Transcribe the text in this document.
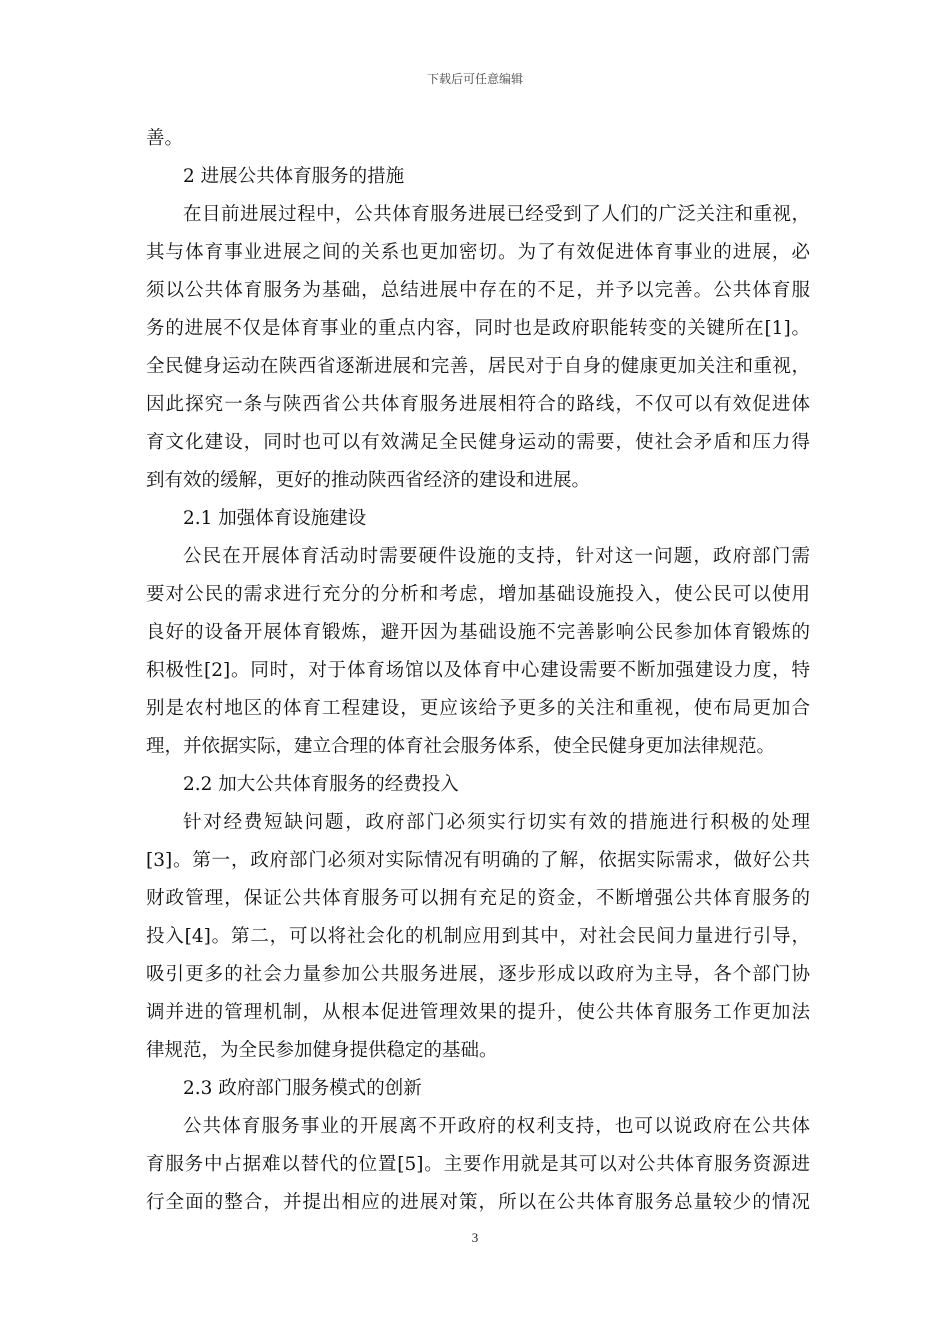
下载后可任意编辑
善。
2 进展公共体育服务的措施
在目前进展过程中，公共体育服务进展已经受到了人们的广泛关注和重视，
其与体育事业进展之间的关系也更加密切。为了有效促进体育事业的进展，必
须以公共体育服务为基础，总结进展中存在的不足，并予以完善。公共体育服
务的进展不仅是体育事业的重点内容，同时也是政府职能转变的关键所在[1]。
全民健身运动在陕西省逐渐进展和完善，居民对于自身的健康更加关注和重视，
因此探究一条与陕西省公共体育服务进展相符合的路线，不仅可以有效促进体
育文化建设，同时也可以有效满足全民健身运动的需要，使社会矛盾和压力得
到有效的缓解，更好的推动陕西省经济的建设和进展。
2.1 加强体育设施建设
公民在开展体育活动时需要硬件设施的支持，针对这一问题，政府部门需
要对公民的需求进行充分的分析和考虑，增加基础设施投入，使公民可以使用
良好的设备开展体育锻炼，避开因为基础设施不完善影响公民参加体育锻炼的
积极性[2]。同时，对于体育场馆以及体育中心建设需要不断加强建设力度，特
别是农村地区的体育工程建设，更应该给予更多的关注和重视，使布局更加合
理，并依据实际，建立合理的体育社会服务体系，使全民健身更加法律规范。
2.2 加大公共体育服务的经费投入
针对经费短缺问题，政府部门必须实行切实有效的措施进行积极的处理
[3]。第一，政府部门必须对实际情况有明确的了解，依据实际需求，做好公共
财政管理，保证公共体育服务可以拥有充足的资金，不断增强公共体育服务的
投入[4]。第二，可以将社会化的机制应用到其中，对社会民间力量进行引导，
吸引更多的社会力量参加公共服务进展，逐步形成以政府为主导，各个部门协
调并进的管理机制，从根本促进管理效果的提升，使公共体育服务工作更加法
律规范，为全民参加健身提供稳定的基础。
2.3 政府部门服务模式的创新
公共体育服务事业的开展离不开政府的权利支持，也可以说政府在公共体
育服务中占据难以替代的位置[5]。主要作用就是其可以对公共体育服务资源进
行全面的整合，并提出相应的进展对策，所以在公共体育服务总量较少的情况
3
